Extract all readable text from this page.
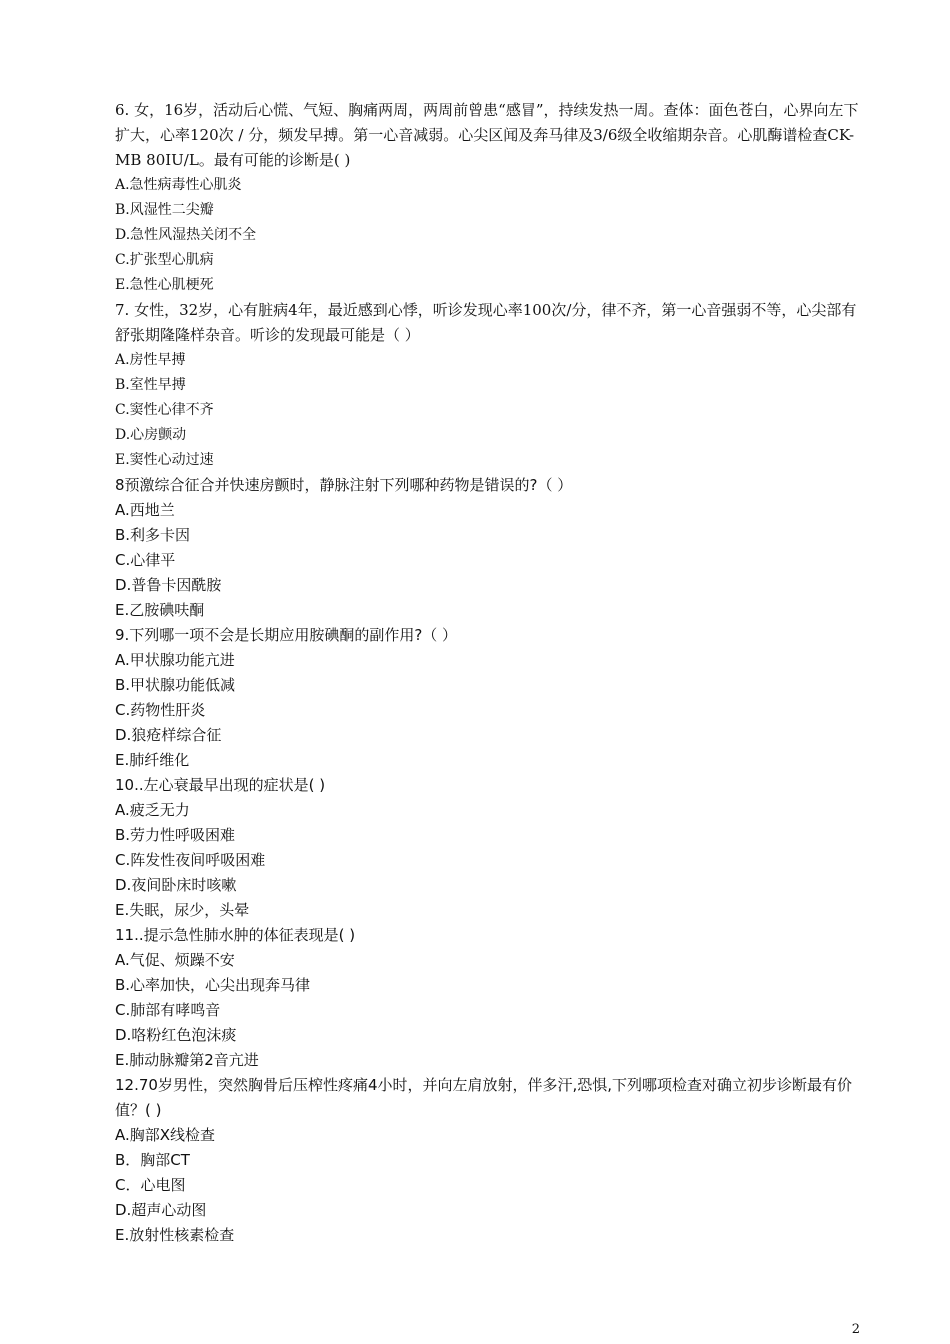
6. 女，16岁，活动后心慌、气短、胸痛两周，两周前曾患“感冒”，持续发热一周。查体：面色苍白，心界向左下扩大，心率120次 / 分，频发早搏。第一心音减弱。心尖区闻及奔马律及3/6级全收缩期杂音。心肌酶谱检查CK-MB 80IU/L。最有可能的诊断是( )

A.急性病毒性心肌炎

B.风湿性二尖瓣

D.急性风湿热关闭不全

C.扩张型心肌病

E.急性心肌梗死

7. 女性，32岁，心有脏病4年，最近感到心悸，听诊发现心率100次/分，律不齐，第一心音强弱不等，心尖部有舒张期隆隆样杂音。听诊的发现最可能是（ ）

A.房性早搏

B.室性早搏

C.窦性心律不齐

D.心房颤动

E.窦性心动过速

8预激综合征合并快速房颤时，静脉注射下列哪种药物是错误的?（ ）

A.西地兰

B.利多卡因

C.心律平

D.普鲁卡因酰胺

E.乙胺碘呋酮

9.下列哪一项不会是长期应用胺碘酮的副作用?（ ）

A.甲状腺功能亢进

B.甲状腺功能低减

C.药物性肝炎

D.狼疮样综合征

E.肺纤维化

10..左心衰最早出现的症状是( )

A.疲乏无力

B.劳力性呼吸困难

C.阵发性夜间呼吸困难

D.夜间卧床时咳嗽

E.失眠，尿少，头晕

11..提示急性肺水肿的体征表现是( )

A.气促、烦躁不安

B.心率加快，心尖出现奔马律

C.肺部有哮鸣音

D.咯粉红色泡沫痰

E.肺动脉瓣第2音亢进

12.70岁男性，突然胸骨后压榨性疼痛4小时，并向左肩放射，伴多汗,恐惧,下列哪项检查对确立初步诊断最有价值？( )

A.胸部X线检查

B．胸部CT

C．心电图

D.超声心动图

E.放射性核素检查

2
